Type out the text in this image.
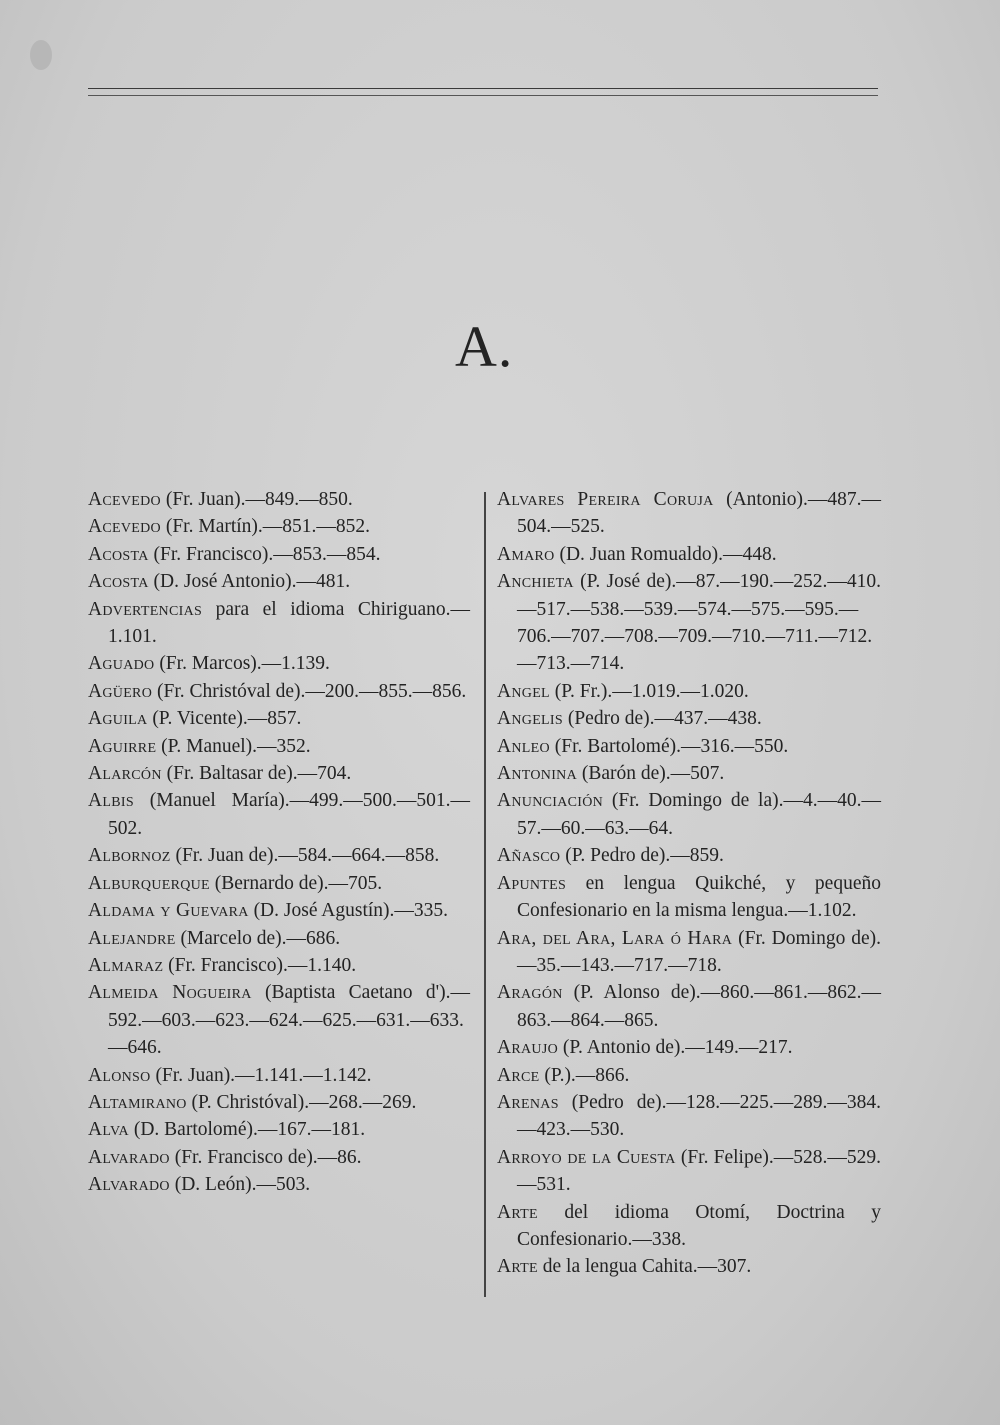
A.
Acevedo (Fr. Juan).—849.—850.
Acevedo (Fr. Martín).—851.—852.
Acosta (Fr. Francisco).—853.—854.
Acosta (D. José Antonio).—481.
Advertencias para el idioma Chiriguano.—1.101.
Aguado (Fr. Marcos).—1.139.
Agüero (Fr. Christóval de).—200.—855.—856.
Aguila (P. Vicente).—857.
Aguirre (P. Manuel).—352.
Alarcón (Fr. Baltasar de).—704.
Albis (Manuel María).—499.—500.—501.—502.
Albornoz (Fr. Juan de).—584.—664.—858.
Alburquerque (Bernardo de).—705.
Aldama y Guevara (D. José Agustín).—335.
Alejandre (Marcelo de).—686.
Almaraz (Fr. Francisco).—1.140.
Almeida Nogueira (Baptista Caetano d').—592.—603.—623.—624.—625.—631.—633.—646.
Alonso (Fr. Juan).—1.141.—1.142.
Altamirano (P. Christóval).—268.—269.
Alva (D. Bartolomé).—167.—181.
Alvarado (Fr. Francisco de).—86.
Alvarado (D. León).—503.
Alvares Pereira Coruja (Antonio).—487.—504.—525.
Amaro (D. Juan Romualdo).—448.
Anchieta (P. José de).—87.—190.—252.—410.—517.—538.—539.—574.—575.—595.—706.—707.—708.—709.—710.—711.—712.—713.—714.
Angel (P. Fr.).—1.019.—1.020.
Angelis (Pedro de).—437.—438.
Anleo (Fr. Bartolomé).—316.—550.
Antonina (Barón de).—507.
Anunciación (Fr. Domingo de la).—4.—40.—57.—60.—63.—64.
Añasco (P. Pedro de).—859.
Apuntes en lengua Quikché, y pequeño Confesionario en la misma lengua.—1.102.
Ara, del Ara, Lara ó Hara (Fr. Domingo de).—35.—143.—717.—718.
Aragón (P. Alonso de).—860.—861.—862.—863.—864.—865.
Araujo (P. Antonio de).—149.—217.
Arce (P.).—866.
Arenas (Pedro de).—128.—225.—289.—384.—423.—530.
Arroyo de la Cuesta (Fr. Felipe).—528.—529.—531.
Arte del idioma Otomí, Doctrina y Confesionario.—338.
Arte de la lengua Cahita.—307.
